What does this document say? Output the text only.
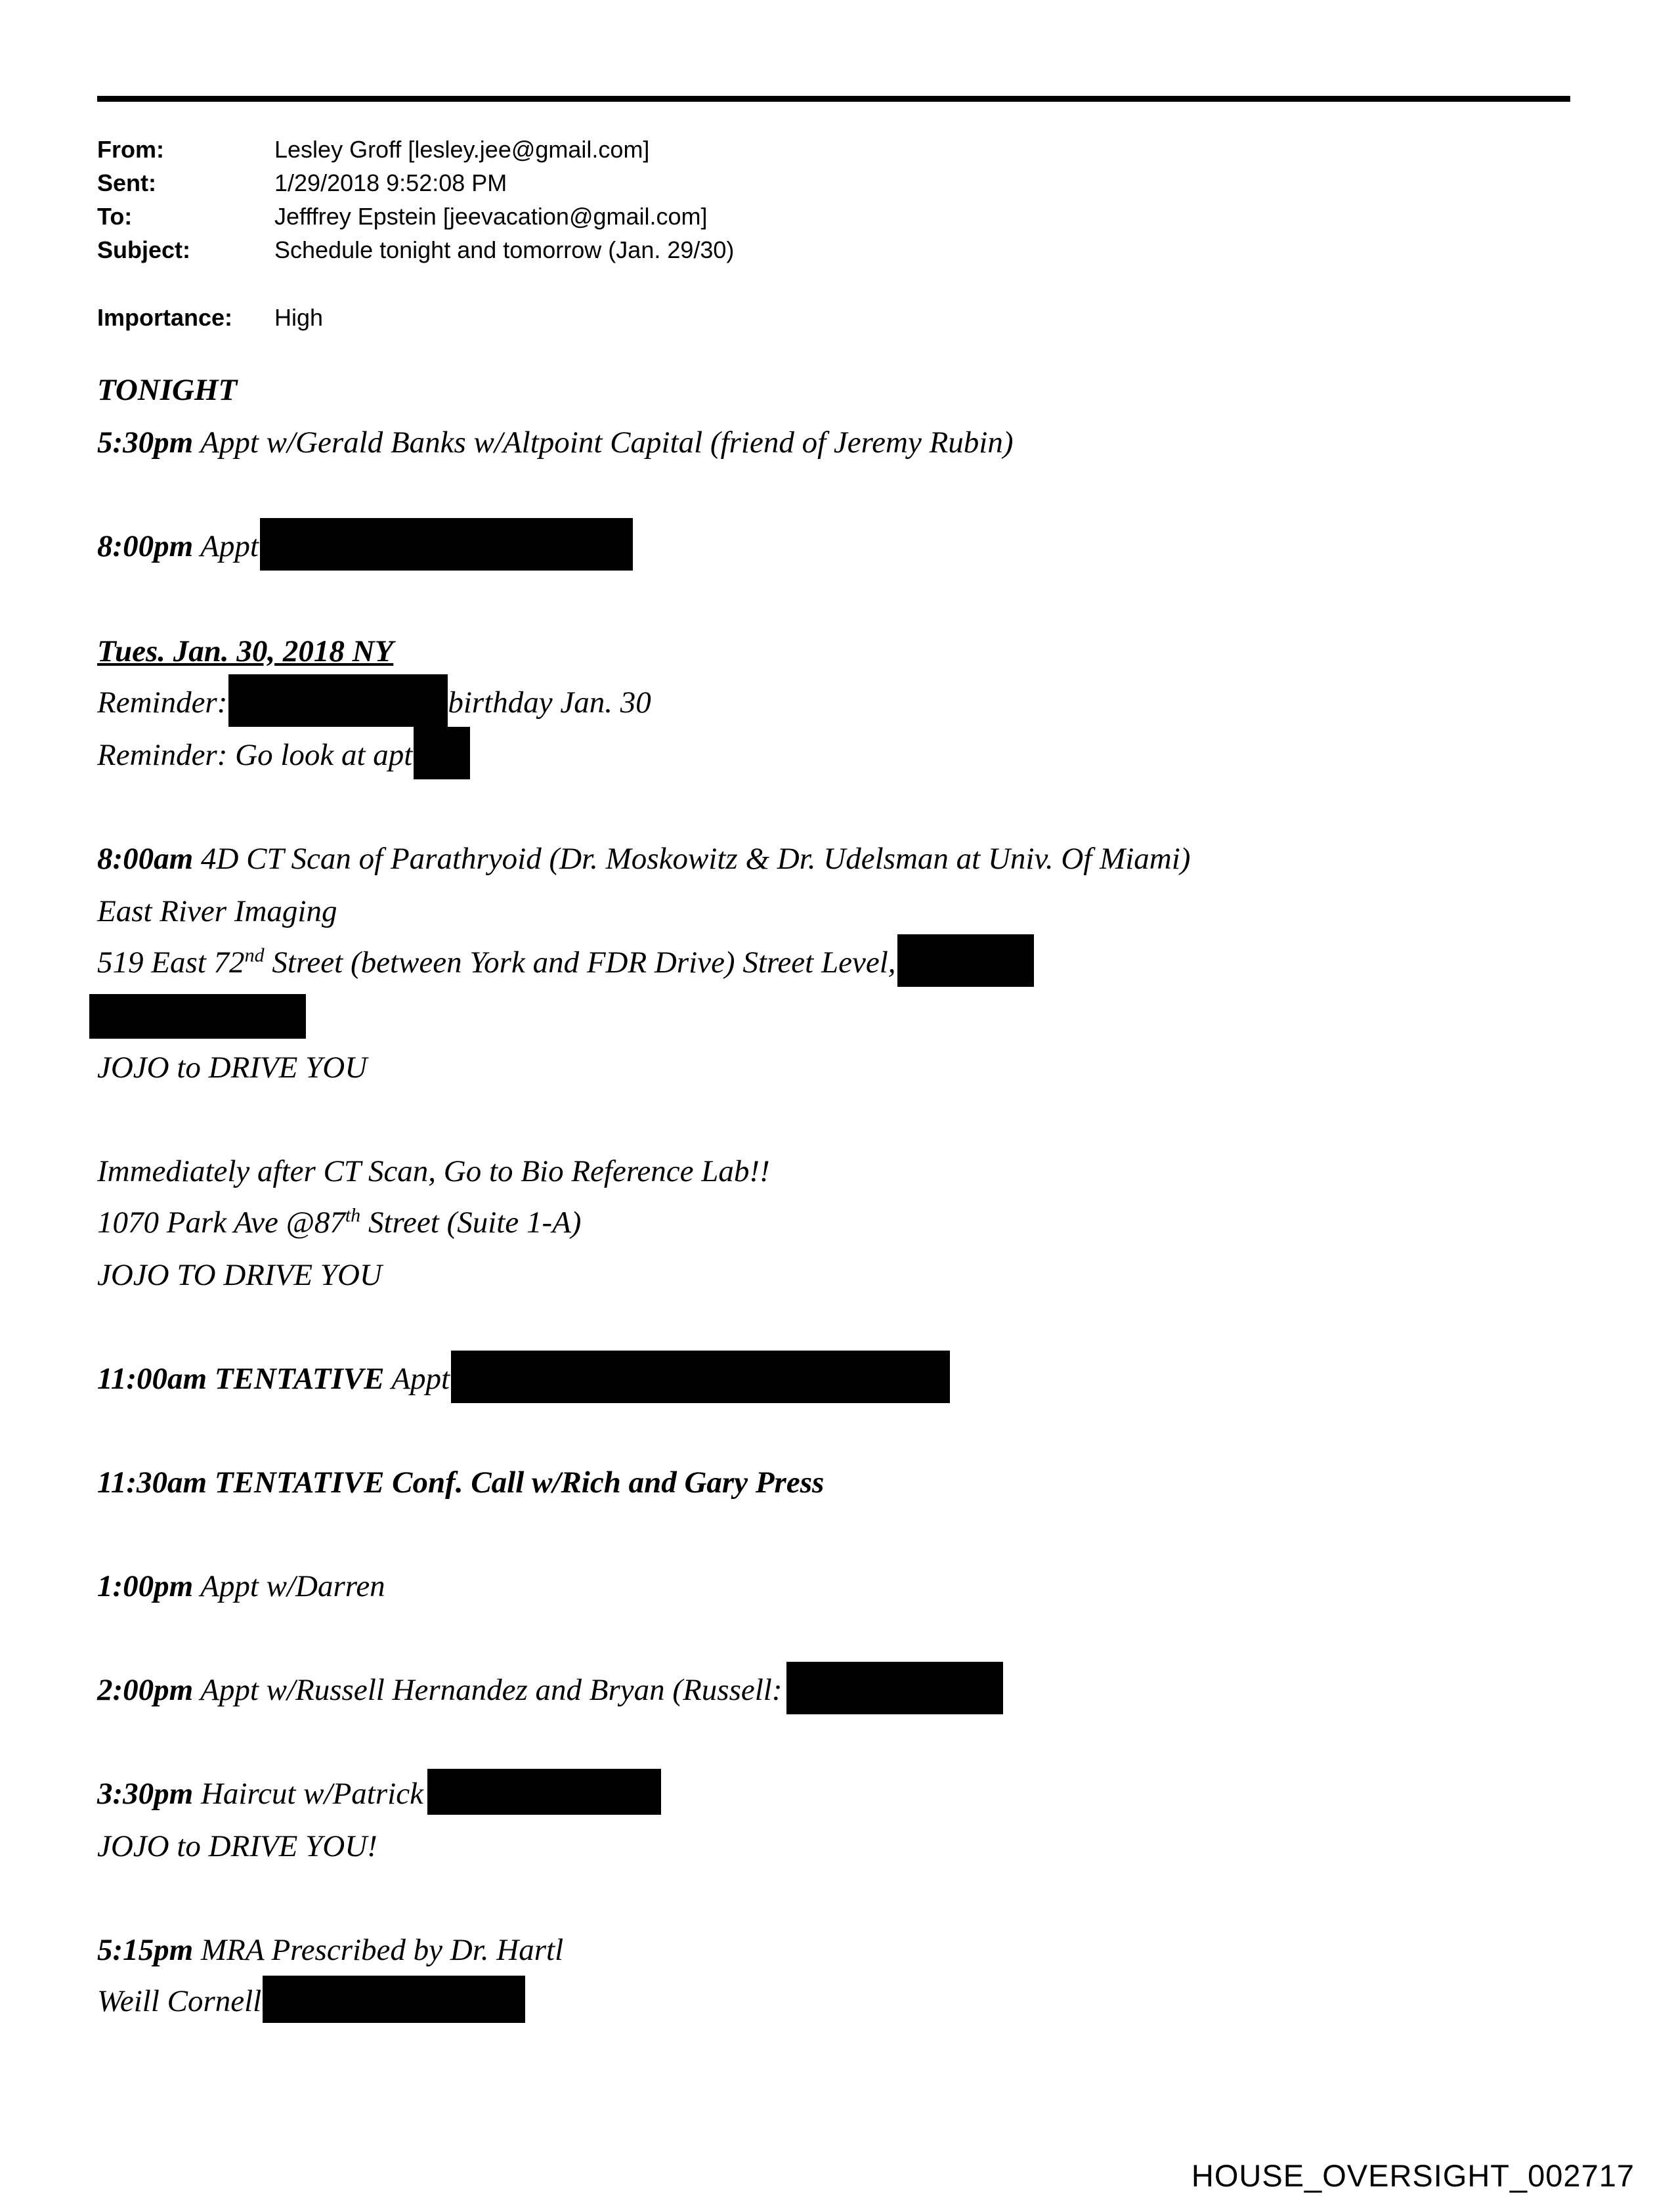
From:	Lesley Groff [lesley.jee@gmail.com]
Sent:	1/29/2018 9:52:08 PM
To:	Jefffrey Epstein [jeevacation@gmail.com]
Subject:	Schedule tonight and tomorrow (Jan. 29/30)
Importance: High
TONIGHT
5:30pm Appt w/Gerald Banks w/Altpoint Capital (friend of Jeremy Rubin)
8:00pm Appt
Tues. Jan. 30, 2018 NY
Reminder:	birthday Jan. 30
Reminder: Go look at apt
8:00am 4D CT Scan of Parathryoid (Dr. Moskowitz & Dr. Udelsman at Univ. Of Miami)
East River Imaging
519 East 72nd Street (between York and FDR Drive) Street Level,
JOJO to DRIVE YOU
Immediately after CT Scan, Go to Bio Reference Lab!!
1070 Park Ave @87th Street (Suite 1-A)
JOJO TO DRIVE YOU
11:00am TENTATIVE Appt
11:30am TENTATIVE Conf. Call w/Rich and Gary Press
1:00pm Appt w/Darren
2:00pm Appt w/Russell Hernandez and Bryan (Russell:
3:30pm Haircut w/Patrick
JOJO to DRIVE YOU!
5:15pm MRA Prescribed by Dr. Hartl
Weill Cornell
HOUSE_OVERSIGHT_002717
